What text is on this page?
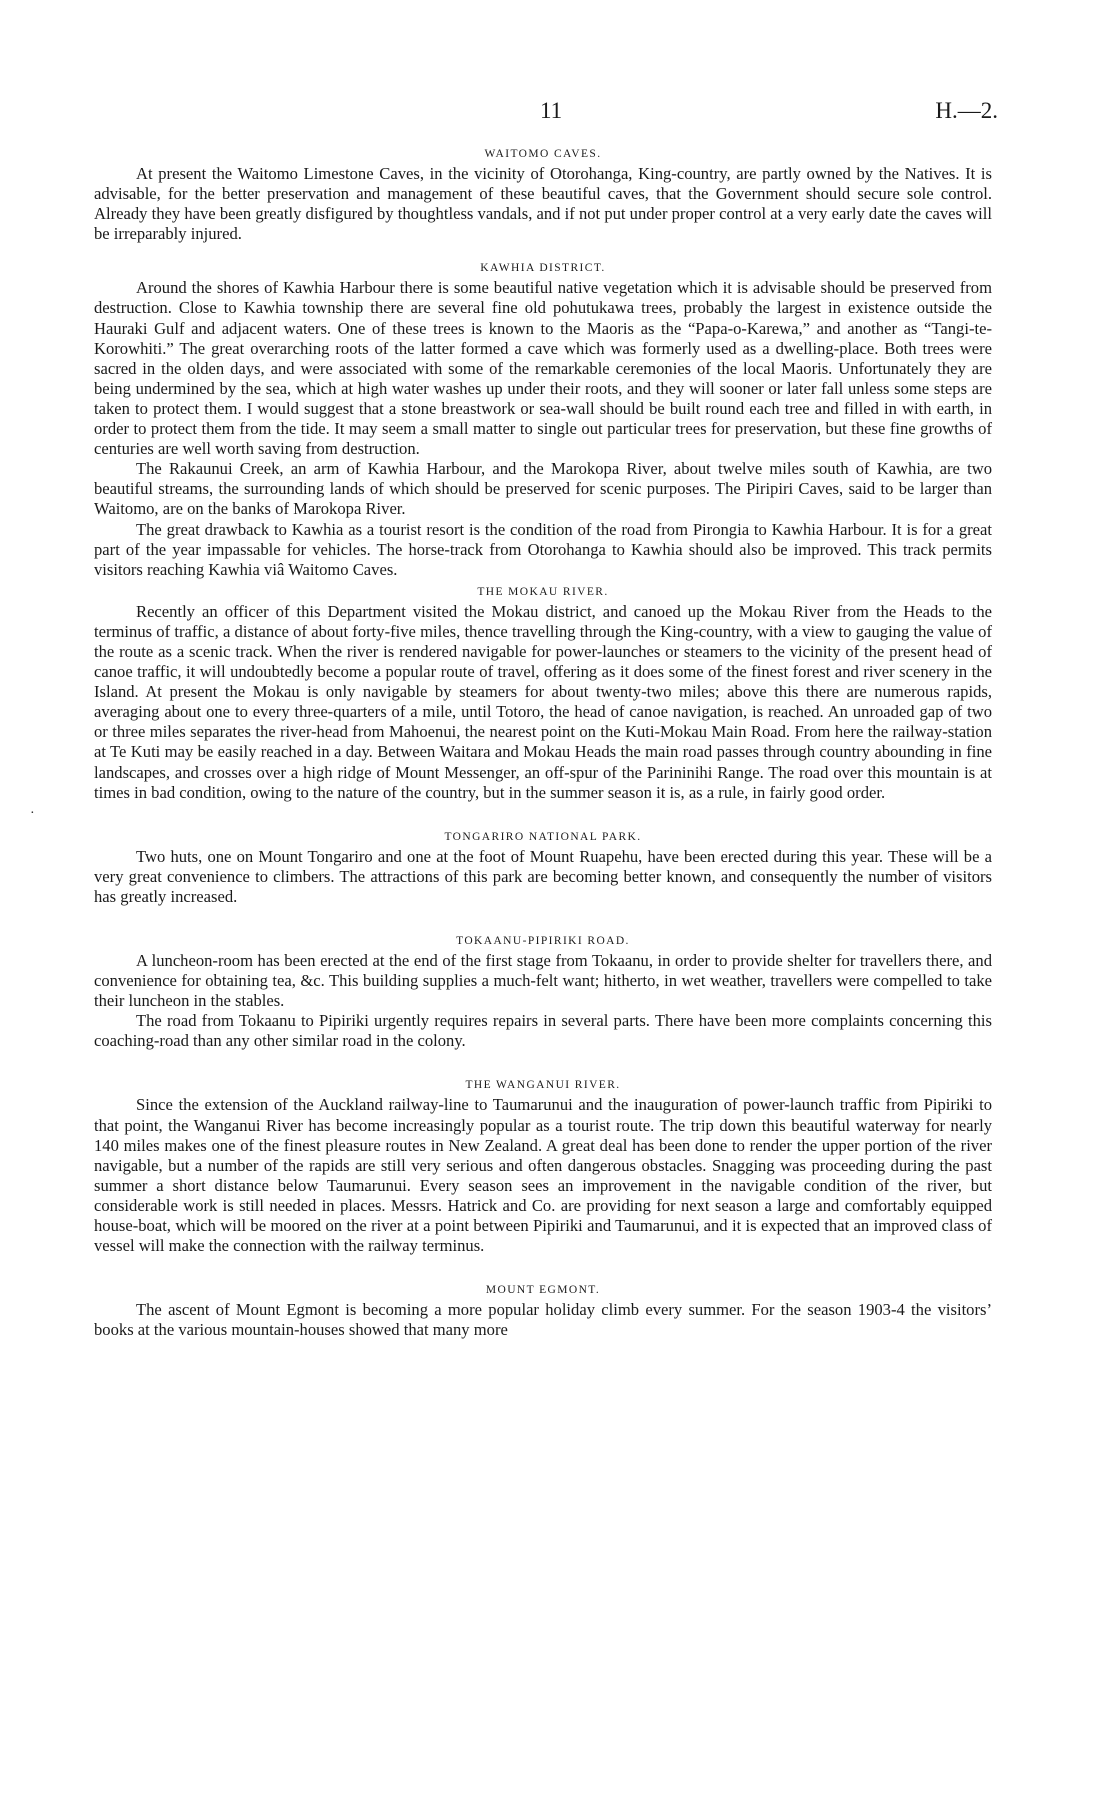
11	H.—2.
·
WAITOMO CAVES.

At present the Waitomo Limestone Caves, in the vicinity of Otorohanga, King-country, are partly owned by the Natives. It is advisable, for the better preservation and management of these beautiful caves, that the Government should secure sole control. Already they have been greatly disfigured by thoughtless vandals, and if not put under proper control at a very early date the caves will be irreparably injured.

KAWHIA DISTRICT.

Around the shores of Kawhia Harbour there is some beautiful native vegetation which it is advisable should be preserved from destruction. Close to Kawhia township there are several fine old pohutukawa trees, probably the largest in existence outside the Hauraki Gulf and adjacent waters. One of these trees is known to the Maoris as the “Papa-o-Karewa,” and another as “Tangi-te-Korowhiti.” The great overarching roots of the latter formed a cave which was formerly used as a dwelling-place. Both trees were sacred in the olden days, and were associated with some of the remarkable ceremonies of the local Maoris. Unfortunately they are being undermined by the sea, which at high water washes up under their roots, and they will sooner or later fall unless some steps are taken to protect them. I would suggest that a stone breastwork or sea-wall should be built round each tree and filled in with earth, in order to protect them from the tide. It may seem a small matter to single out particular trees for preservation, but these fine growths of centuries are well worth saving from destruction.

The Rakaunui Creek, an arm of Kawhia Harbour, and the Marokopa River, about twelve miles south of Kawhia, are two beautiful streams, the surrounding lands of which should be preserved for scenic purposes. The Piripiri Caves, said to be larger than Waitomo, are on the banks of Marokopa River.

The great drawback to Kawhia as a tourist resort is the condition of the road from Pirongia to Kawhia Harbour. It is for a great part of the year impassable for vehicles. The horse-track from Otorohanga to Kawhia should also be improved. This track permits visitors reaching Kawhia viâ Waitomo Caves.

THE MOKAU RIVER.

Recently an officer of this Department visited the Mokau district, and canoed up the Mokau River from the Heads to the terminus of traffic, a distance of about forty-five miles, thence travelling through the King-country, with a view to gauging the value of the route as a scenic track. When the river is rendered navigable for power-launches or steamers to the vicinity of the present head of canoe traffic, it will undoubtedly become a popular route of travel, offering as it does some of the finest forest and river scenery in the Island. At present the Mokau is only navigable by steamers for about twenty-two miles; above this there are numerous rapids, averaging about one to every three-quarters of a mile, until Totoro, the head of canoe navigation, is reached. An unroaded gap of two or three miles separates the river-head from Mahoenui, the nearest point on the Kuti-Mokau Main Road. From here the railway-station at Te Kuti may be easily reached in a day. Between Waitara and Mokau Heads the main road passes through country abounding in fine landscapes, and crosses over a high ridge of Mount Messenger, an off-spur of the Parininihi Range. The road over this mountain is at times in bad condition, owing to the nature of the country, but in the summer season it is, as a rule, in fairly good order.

TONGARIRO NATIONAL PARK.

Two huts, one on Mount Tongariro and one at the foot of Mount Ruapehu, have been erected during this year. These will be a very great convenience to climbers. The attractions of this park are becoming better known, and consequently the number of visitors has greatly increased.

TOKAANU-PIPIRIKI ROAD.

A luncheon-room has been erected at the end of the first stage from Tokaanu, in order to provide shelter for travellers there, and convenience for obtaining tea, &c. This building supplies a much-felt want; hitherto, in wet weather, travellers were compelled to take their luncheon in the stables.

The road from Tokaanu to Pipiriki urgently requires repairs in several parts. There have been more complaints concerning this coaching-road than any other similar road in the colony.

THE WANGANUI RIVER.

Since the extension of the Auckland railway-line to Taumarunui and the inauguration of power-launch traffic from Pipiriki to that point, the Wanganui River has become increasingly popular as a tourist route. The trip down this beautiful waterway for nearly 140 miles makes one of the finest pleasure routes in New Zealand. A great deal has been done to render the upper portion of the river navigable, but a number of the rapids are still very serious and often dangerous obstacles. Snagging was proceeding during the past summer a short distance below Taumarunui. Every season sees an improvement in the navigable condition of the river, but considerable work is still needed in places. Messrs. Hatrick and Co. are providing for next season a large and comfortably equipped house-boat, which will be moored on the river at a point between Pipiriki and Taumarunui, and it is expected that an improved class of vessel will make the connection with the railway terminus.

MOUNT EGMONT.

The ascent of Mount Egmont is becoming a more popular holiday climb every summer. For the season 1903-4 the visitors’ books at the various mountain-houses showed that many more
